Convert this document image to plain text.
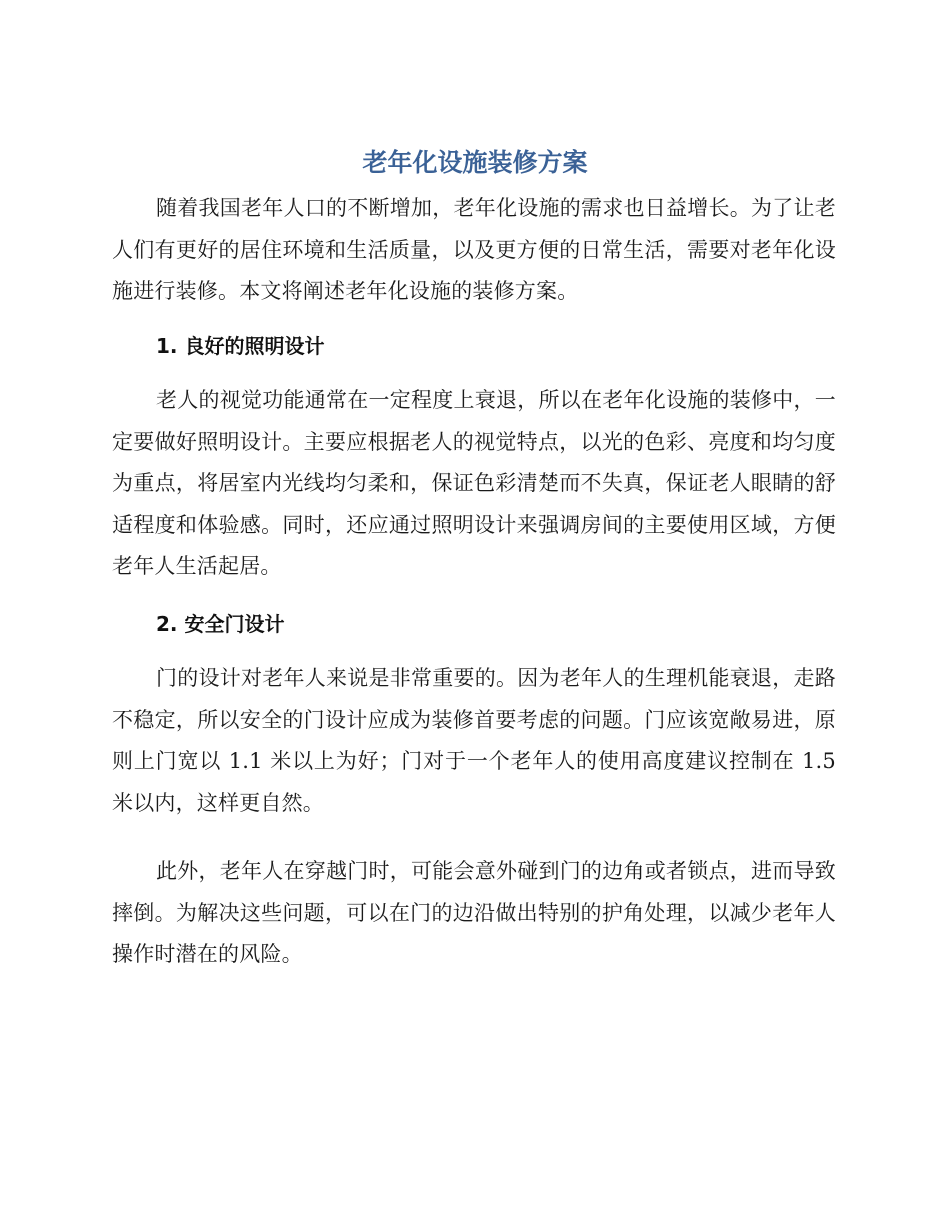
老年化设施装修方案

随着我国老年人口的不断增加，老年化设施的需求也日益增长。为了让老人们有更好的居住环境和生活质量，以及更方便的日常生活，需要对老年化设施进行装修。本文将阐述老年化设施的装修方案。

1. 良好的照明设计

老人的视觉功能通常在一定程度上衰退，所以在老年化设施的装修中，一定要做好照明设计。主要应根据老人的视觉特点，以光的色彩、亮度和均匀度为重点，将居室内光线均匀柔和，保证色彩清楚而不失真，保证老人眼睛的舒适程度和体验感。同时，还应通过照明设计来强调房间的主要使用区域，方便老年人生活起居。

2. 安全门设计

门的设计对老年人来说是非常重要的。因为老年人的生理机能衰退，走路不稳定，所以安全的门设计应成为装修首要考虑的问题。门应该宽敞易进，原则上门宽以 1.1 米以上为好；门对于一个老年人的使用高度建议控制在 1.5 米以内，这样更自然。

此外，老年人在穿越门时，可能会意外碰到门的边角或者锁点，进而导致摔倒。为解决这些问题，可以在门的边沿做出特别的护角处理，以减少老年人操作时潜在的风险。
